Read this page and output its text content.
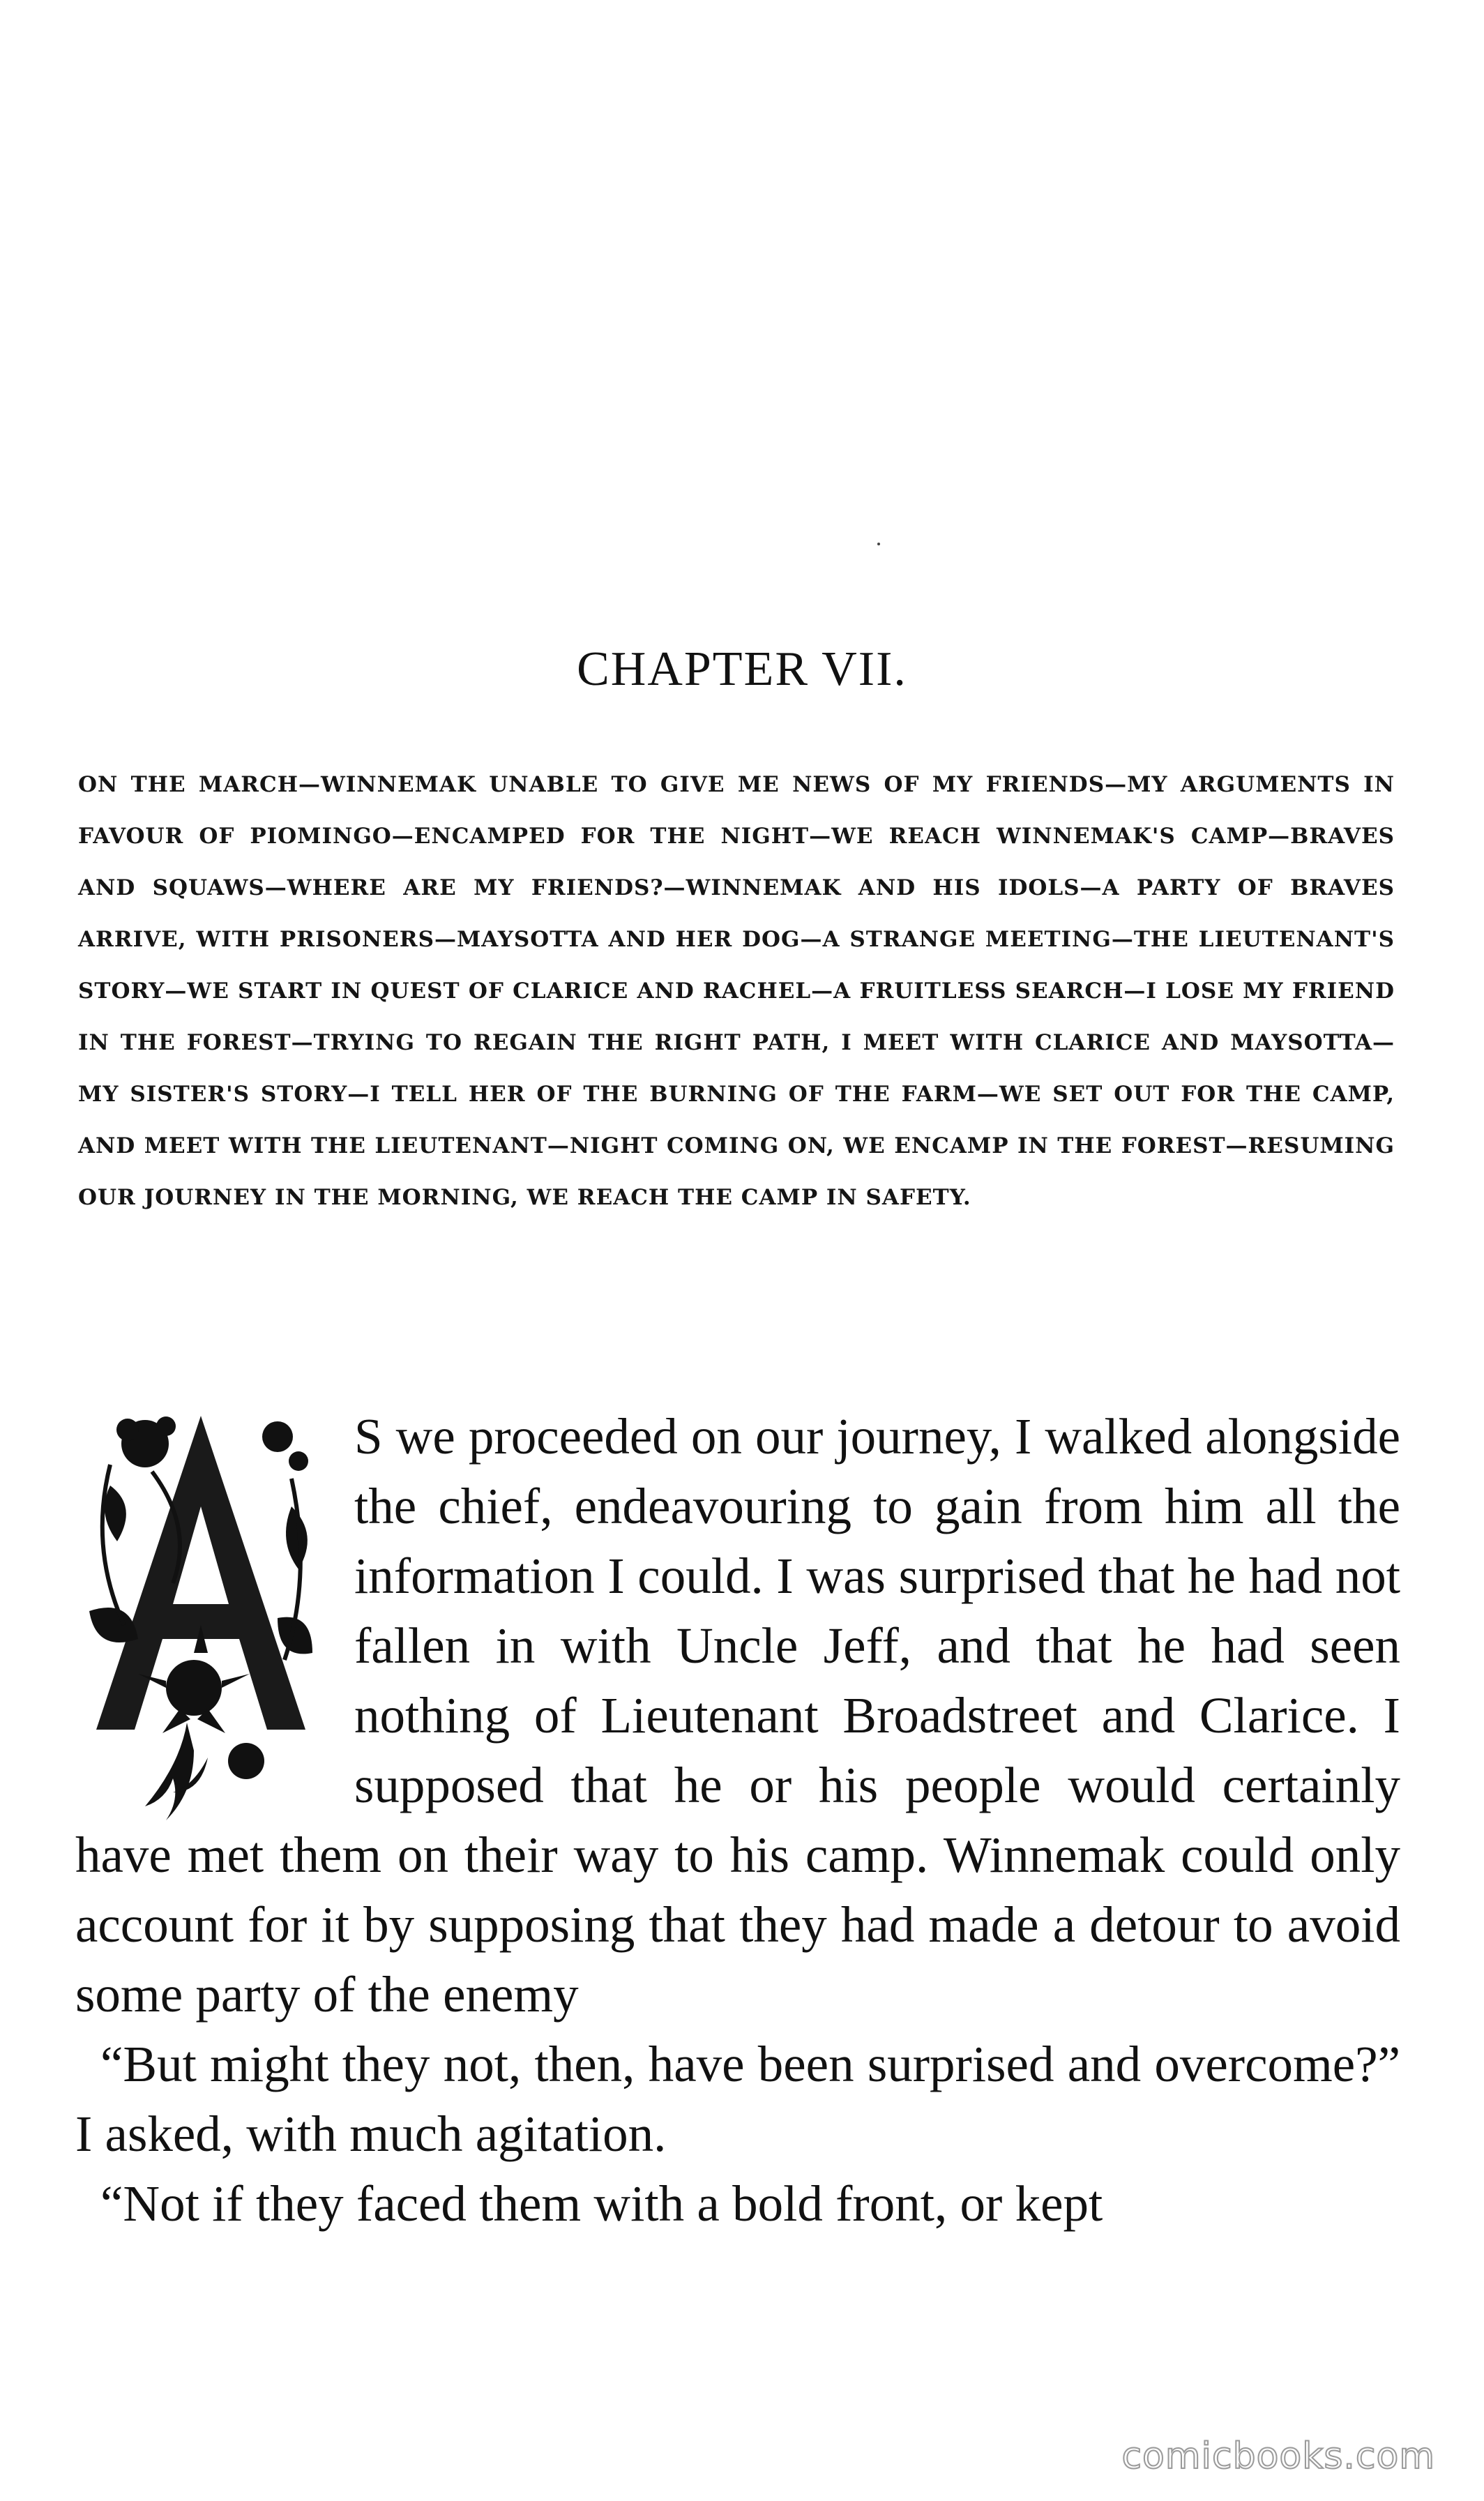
CHAPTER VII.
ON THE MARCH—WINNEMAK UNABLE TO GIVE ME NEWS OF MY FRIENDS—MY ARGUMENTS IN FAVOUR OF PIOMINGO—ENCAMPED FOR THE NIGHT—WE REACH WINNEMAK'S CAMP—BRAVES AND SQUAWS—WHERE ARE MY FRIENDS?—WINNEMAK AND HIS IDOLS—A PARTY OF BRAVES ARRIVE, WITH PRISONERS—MAYSOTTA AND HER DOG—A STRANGE MEETING—THE LIEUTENANT'S STORY—WE START IN QUEST OF CLARICE AND RACHEL—A FRUITLESS SEARCH—I LOSE MY FRIEND IN THE FOREST—TRYING TO REGAIN THE RIGHT PATH, I MEET WITH CLARICE AND MAYSOTTA—MY SISTER'S STORY—I TELL HER OF THE BURNING OF THE FARM—WE SET OUT FOR THE CAMP, AND MEET WITH THE LIEUTENANT—NIGHT COMING ON, WE ENCAMP IN THE FOREST—RESUMING OUR JOURNEY IN THE MORNING, WE REACH THE CAMP IN SAFETY.

S we proceeded on our journey, I walked alongside the chief, endeavouring to gain from him all the information I could. I was surprised that he had not fallen in with Uncle Jeff, and that he had seen nothing of Lieutenant Broadstreet and Clarice. I supposed that he or his people would certainly have met them on their way to his camp. Winnemak could only account for it by supposing that they had made a detour to avoid some party of the enemy

“But might they not, then, have been surprised and overcome?” I asked, with much agitation.

“Not if they faced them with a bold front, or kept

comicbooks.com
